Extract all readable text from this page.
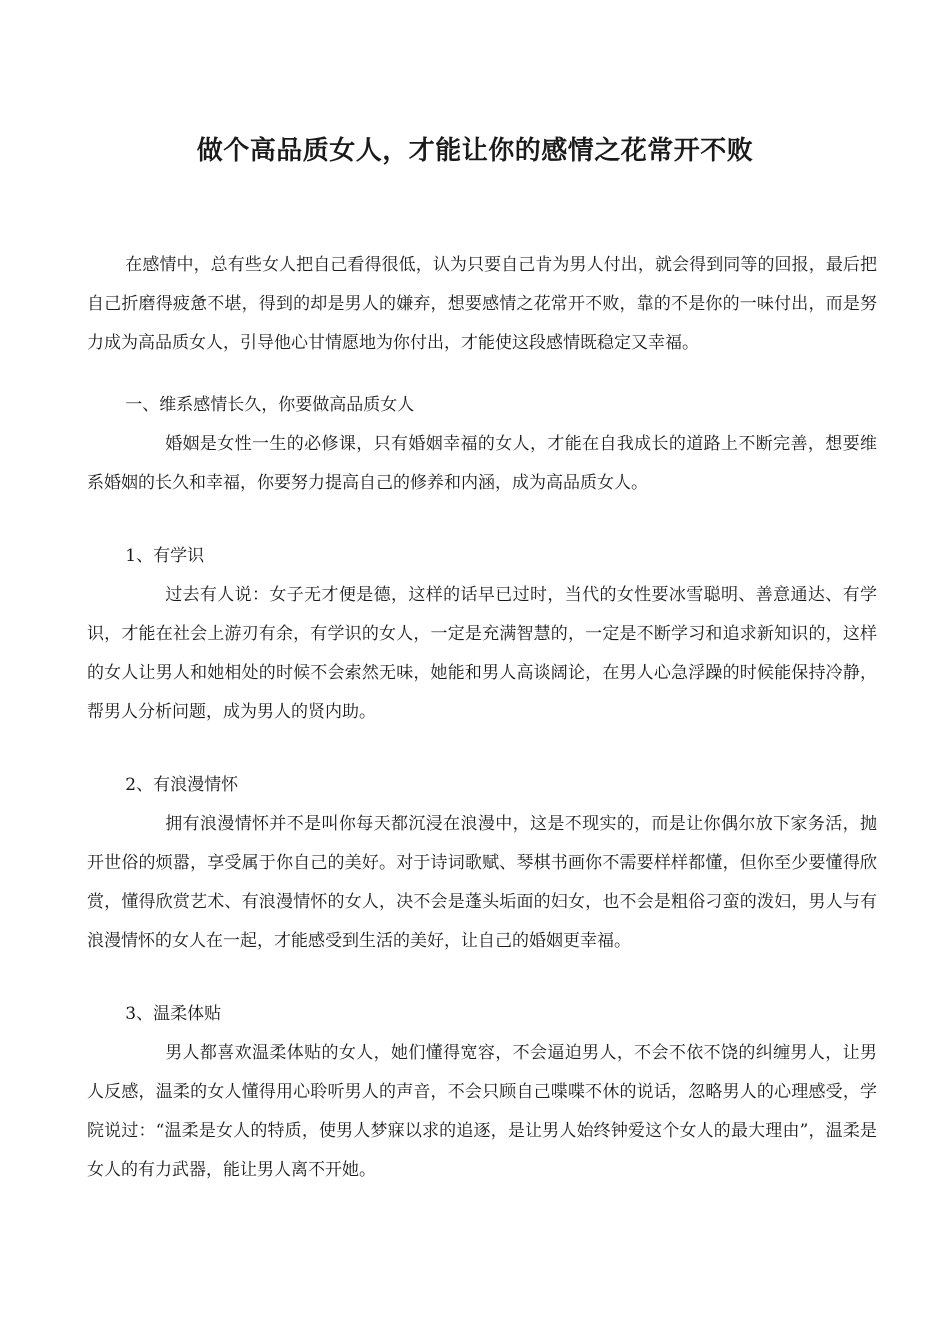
做个高品质女人，才能让你的感情之花常开不败

在感情中，总有些女人把自己看得很低，认为只要自己肯为男人付出，就会得到同等的回报，最后把自己折磨得疲惫不堪，得到的却是男人的嫌弃，想要感情之花常开不败，靠的不是你的一味付出，而是努力成为高品质女人，引导他心甘情愿地为你付出，才能使这段感情既稳定又幸福。

一、维系感情长久，你要做高品质女人

婚姻是女性一生的必修课，只有婚姻幸福的女人，才能在自我成长的道路上不断完善，想要维系婚姻的长久和幸福，你要努力提高自己的修养和内涵，成为高品质女人。

1、有学识

过去有人说：女子无才便是德，这样的话早已过时，当代的女性要冰雪聪明、善意通达、有学识，才能在社会上游刃有余，有学识的女人，一定是充满智慧的，一定是不断学习和追求新知识的，这样的女人让男人和她相处的时候不会索然无味，她能和男人高谈阔论，在男人心急浮躁的时候能保持冷静，帮男人分析问题，成为男人的贤内助。

2、有浪漫情怀

拥有浪漫情怀并不是叫你每天都沉浸在浪漫中，这是不现实的，而是让你偶尔放下家务活，抛开世俗的烦嚣，享受属于你自己的美好。对于诗词歌赋、琴棋书画你不需要样样都懂，但你至少要懂得欣赏，懂得欣赏艺术、有浪漫情怀的女人，决不会是蓬头垢面的妇女，也不会是粗俗刁蛮的泼妇，男人与有浪漫情怀的女人在一起，才能感受到生活的美好，让自己的婚姻更幸福。

3、温柔体贴

男人都喜欢温柔体贴的女人，她们懂得宽容，不会逼迫男人，不会不依不饶的纠缠男人，让男人反感，温柔的女人懂得用心聆听男人的声音，不会只顾自己喋喋不休的说话，忽略男人的心理感受，学院说过：“温柔是女人的特质，使男人梦寐以求的追逐，是让男人始终钟爱这个女人的最大理由”，温柔是女人的有力武器，能让男人离不开她。
